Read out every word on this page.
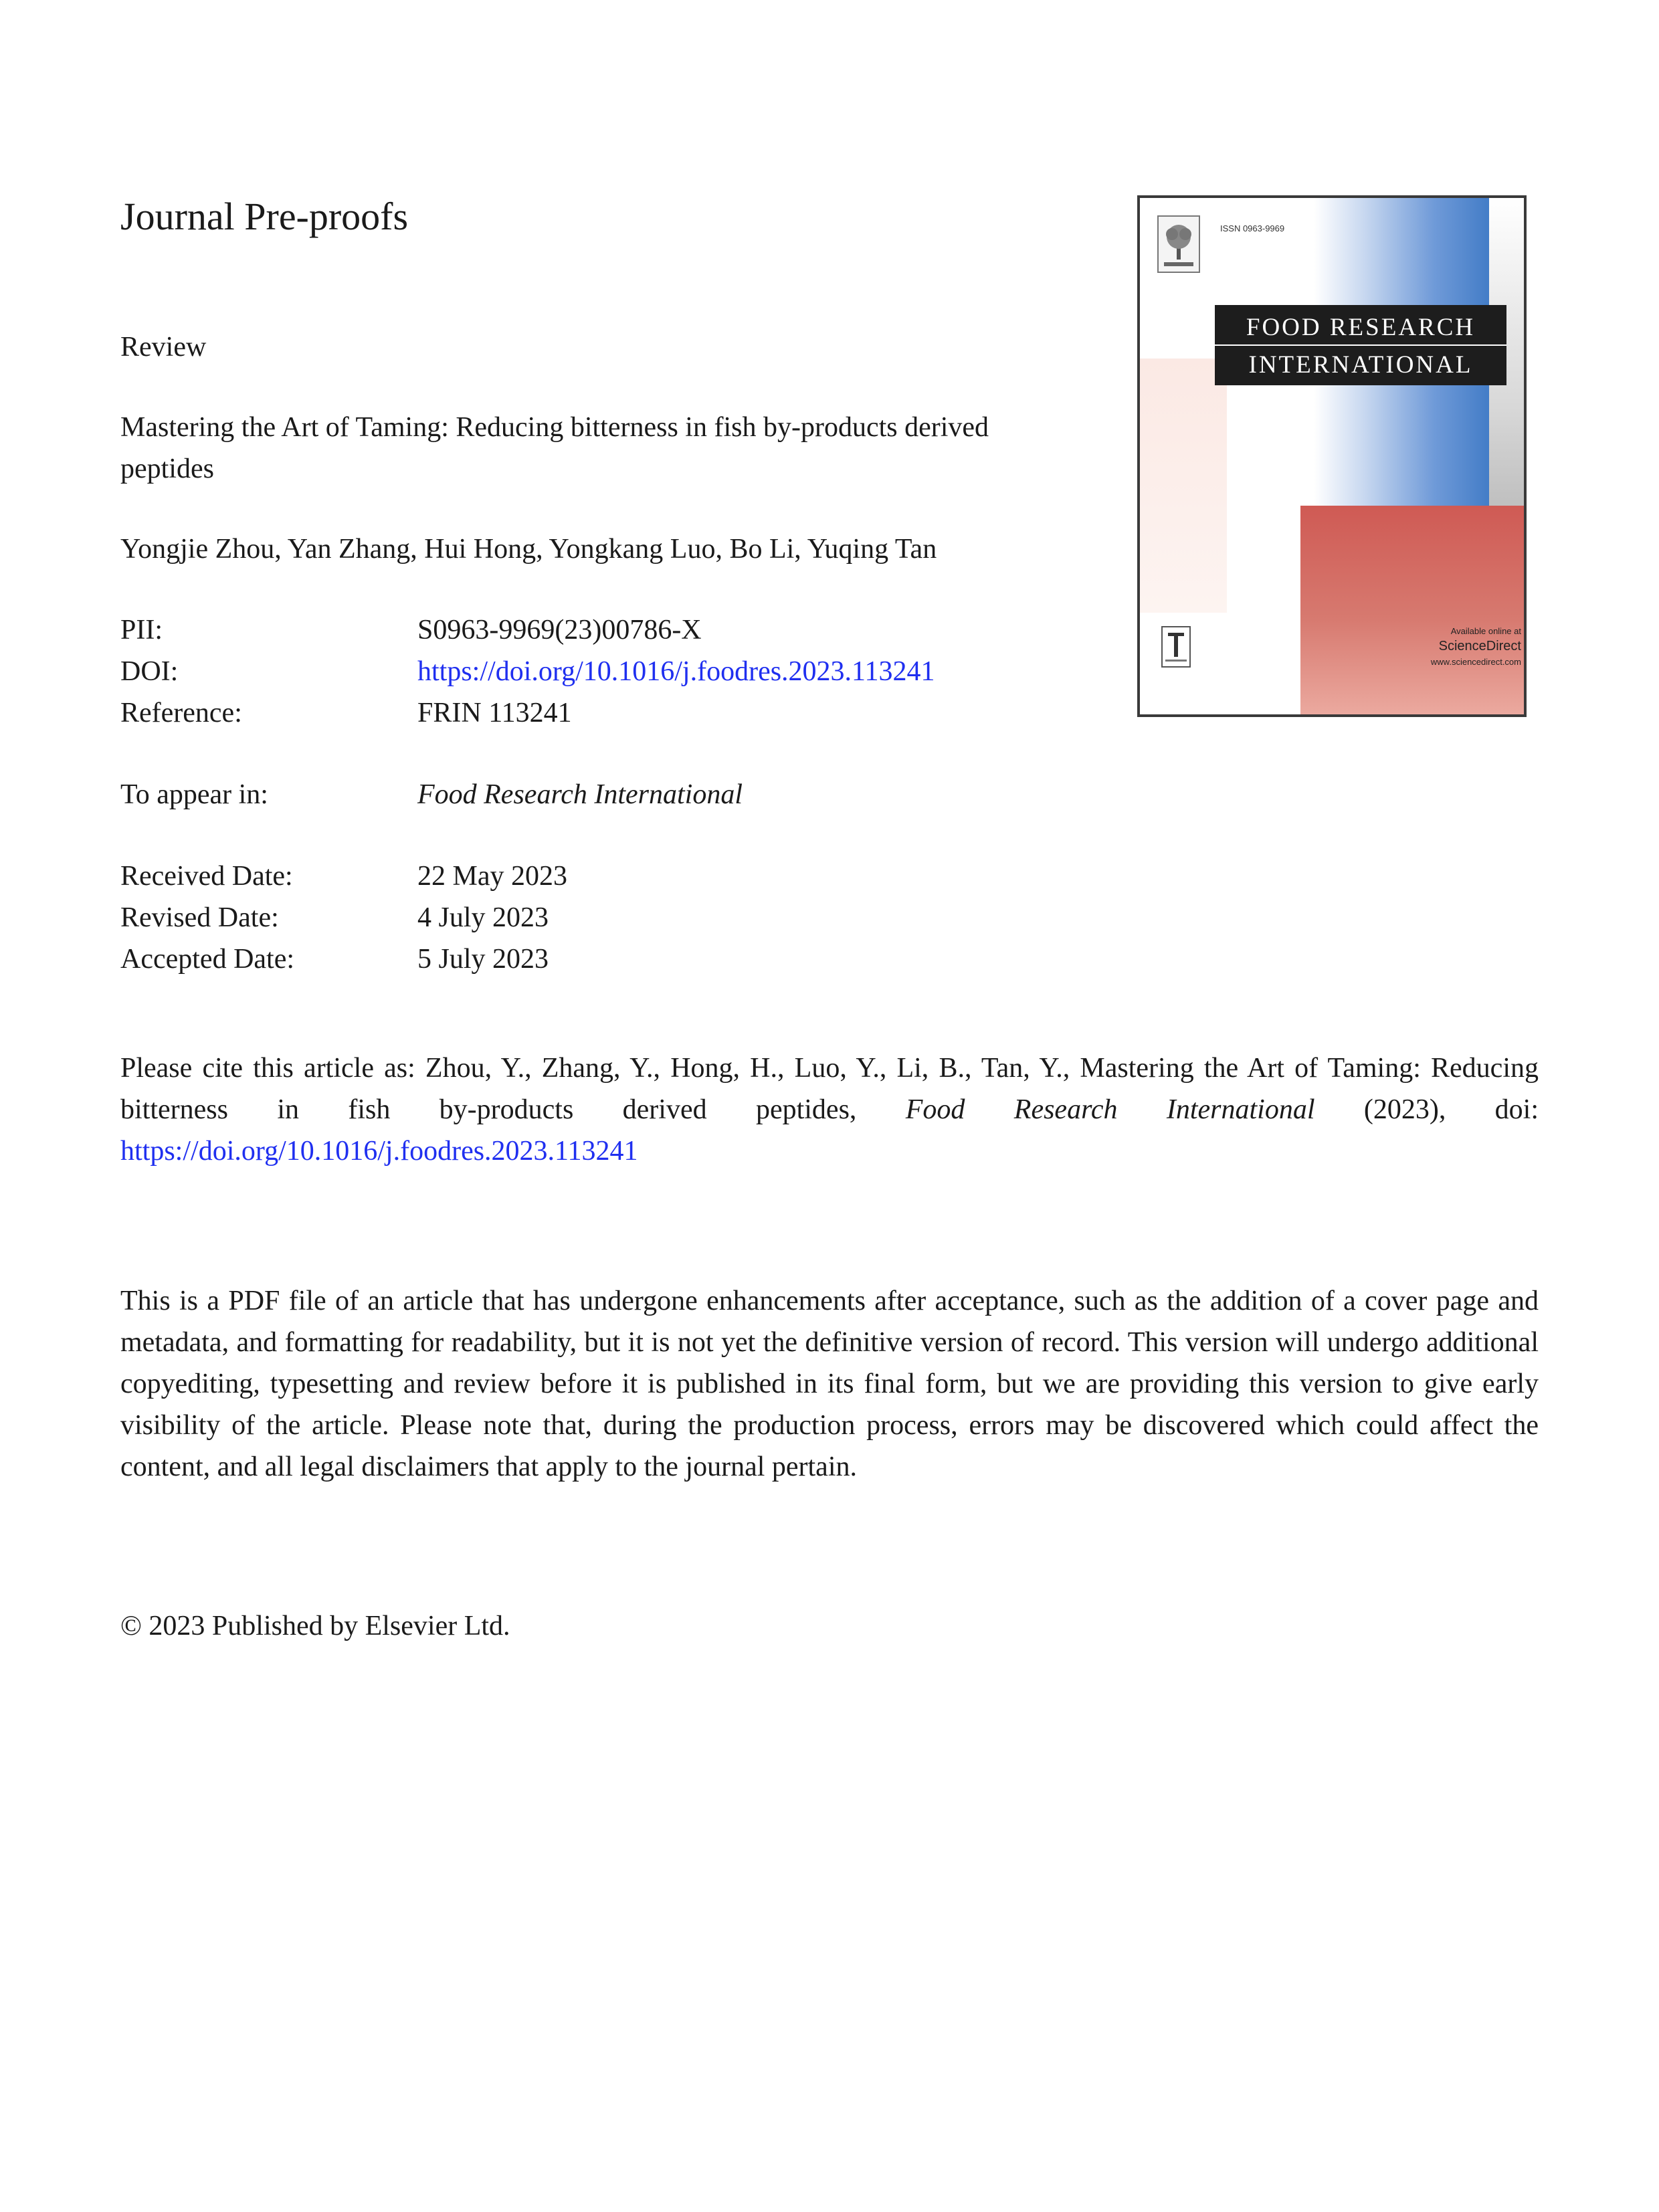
Journal Pre-proofs
Review
Mastering the Art of Taming: Reducing bitterness in fish by-products derived
peptides
Yongjie Zhou, Yan Zhang, Hui Hong, Yongkang Luo, Bo Li, Yuqing Tan
PII:	S0963-9969(23)00786-X
DOI:	https://doi.org/10.1016/j.foodres.2023.113241
Reference:	FRIN 113241
To appear in:	Food Research International
Received Date:	22 May 2023
Revised Date:	4 July 2023
Accepted Date:	5 July 2023
Please cite this article as: Zhou, Y., Zhang, Y., Hong, H., Luo, Y., Li, B., Tan, Y., Mastering the Art of Taming: Reducing bitterness in fish by-products derived peptides, Food Research International (2023), doi: https://doi.org/10.1016/j.foodres.2023.113241
This is a PDF file of an article that has undergone enhancements after acceptance, such as the addition of a cover page and metadata, and formatting for readability, but it is not yet the definitive version of record. This version will undergo additional copyediting, typesetting and review before it is published in its final form, but we are providing this version to give early visibility of the article. Please note that, during the production process, errors may be discovered which could affect the content, and all legal disclaimers that apply to the journal pertain.
© 2023 Published by Elsevier Ltd.
ISSN 0963-9969
FOOD RESEARCH
INTERNATIONAL
Available online at
ScienceDirect
www.sciencedirect.com
